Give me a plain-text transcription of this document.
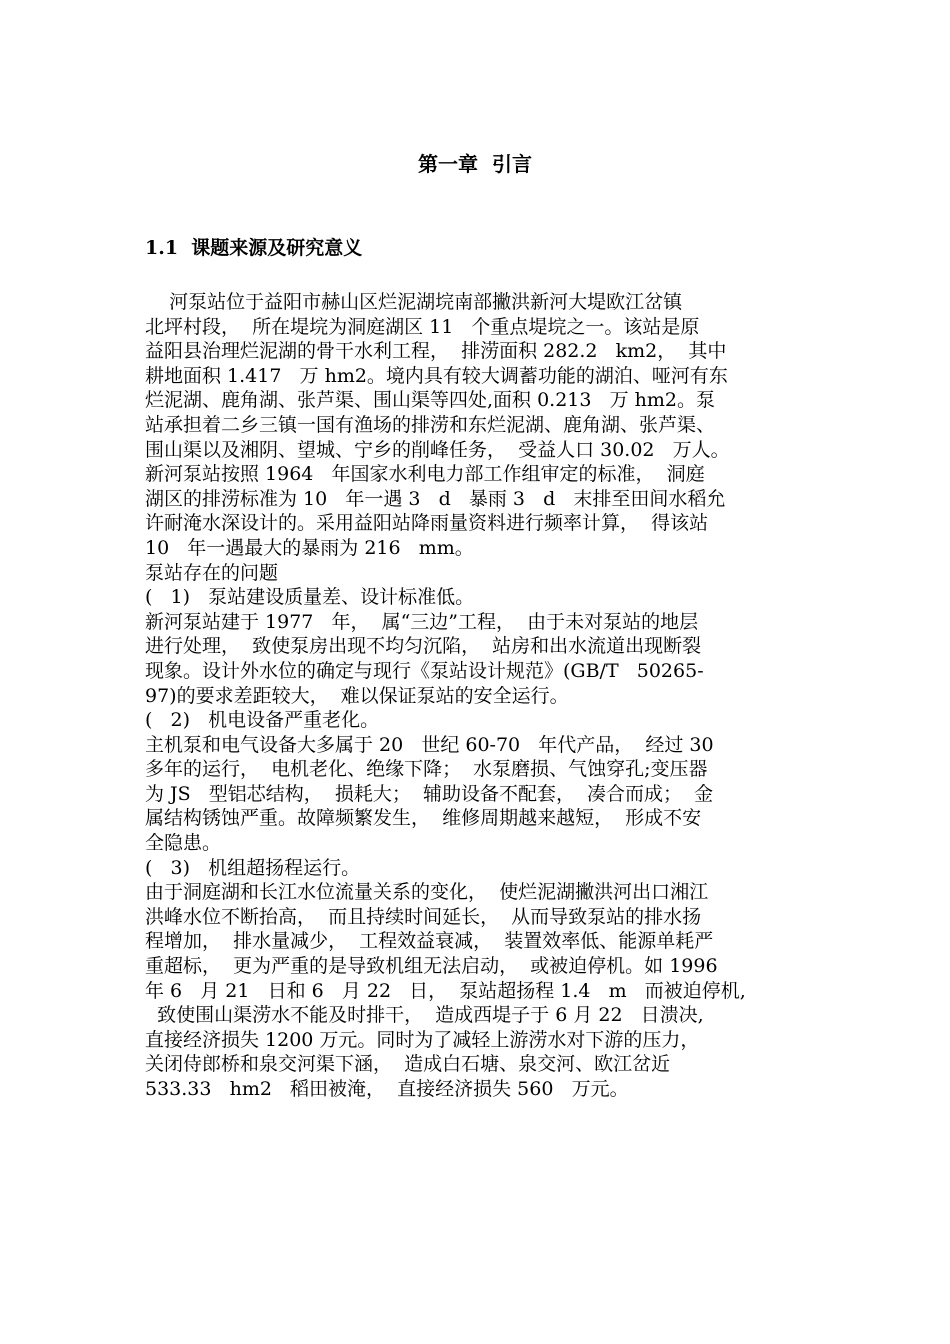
第一章  引言
1.1  课题来源及研究意义
河泵站位于益阳市赫山区烂泥湖垸南部撇洪新河大堤欧江岔镇
北坪村段，  所在堤垸为洞庭湖区 11   个重点堤垸之一。该站是原
益阳县治理烂泥湖的骨干水利工程，  排涝面积 282.2   km2，  其中
耕地面积 1.417   万 hm2。境内具有较大调蓄功能的湖泊、哑河有东
烂泥湖、鹿角湖、张芦渠、围山渠等四处,面积 0.213   万 hm2。泵
站承担着二乡三镇一国有渔场的排涝和东烂泥湖、鹿角湖、张芦渠、
围山渠以及湘阴、望城、宁乡的削峰任务，  受益人口 30.02   万人。
新河泵站按照 1964   年国家水利电力部工作组审定的标准，  洞庭
湖区的排涝标准为 10   年一遇 3   d   暴雨 3   d   末排至田间水稻允
许耐淹水深设计的。采用益阳站降雨量资料进行频率计算，  得该站
10   年一遇最大的暴雨为 216   mm。
泵站存在的问题
(   1)   泵站建设质量差、设计标准低。
新河泵站建于 1977   年，  属“三边”工程，  由于未对泵站的地层
进行处理，  致使泵房出现不均匀沉陷，  站房和出水流道出现断裂
现象。设计外水位的确定与现行《泵站设计规范》(GB/T   50265-
97)的要求差距较大，  难以保证泵站的安全运行。
(   2)   机电设备严重老化。
主机泵和电气设备大多属于 20   世纪 60-70   年代产品，  经过 30
多年的运行，  电机老化、绝缘下降；  水泵磨损、气蚀穿孔;变压器
为 JS   型铝芯结构，  损耗大；  辅助设备不配套，  凑合而成；  金
属结构锈蚀严重。故障频繁发生，  维修周期越来越短，  形成不安
全隐患。
(   3)   机组超扬程运行。
由于洞庭湖和长江水位流量关系的变化，  使烂泥湖撇洪河出口湘江
洪峰水位不断抬高，  而且持续时间延长，  从而导致泵站的排水扬
程增加，  排水量减少，  工程效益衰减，  装置效率低、能源单耗严
重超标，  更为严重的是导致机组无法启动，  或被迫停机。如 1996
年 6   月 21   日和 6   月 22   日，  泵站超扬程 1.4   m   而被迫停机,
致使围山渠涝水不能及时排干，  造成西堤子于 6 月 22   日溃决,
直接经济损失 1200 万元。同时为了减轻上游涝水对下游的压力，
关闭侍郎桥和泉交河渠下涵，  造成白石塘、泉交河、欧江岔近
533.33   hm2   稻田被淹，  直接经济损失 560   万元。
